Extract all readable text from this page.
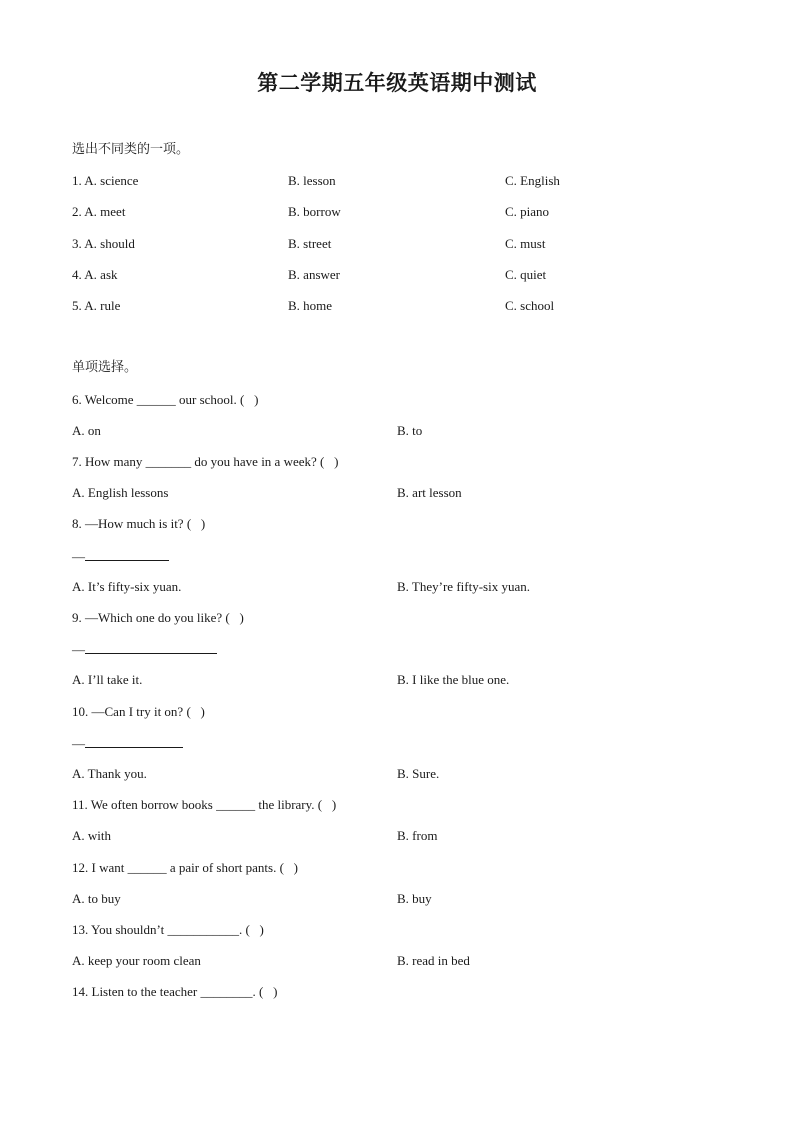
第二学期五年级英语期中测试
选出不同类的一项。
1. A. science	B. lesson	C. English
2. A. meet	B. borrow	C. piano
3. A. should	B. street	C. must
4. A. ask	B. answer	C. quiet
5. A. rule	B. home	C. school
单项选择。
6. Welcome ______ our school. (   )
A. on	B. to
7. How many _______ do you have in a week? (   )
A. English lessons	B. art lesson
8. —How much is it? (   )
—
A. It’s fifty-six yuan.	B. They’re fifty-six yuan.
9. —Which one do you like? (   )
—
A. I’ll take it.	B. I like the blue one.
10. —Can I try it on? (   )
—
A. Thank you.	B. Sure.
11. We often borrow books ______ the library. (   )
A. with	B. from
12. I want ______ a pair of short pants. (   )
A. to buy	B. buy
13. You shouldn’t ___________. (   )
A. keep your room clean	B. read in bed
14. Listen to the teacher ________. (   )
